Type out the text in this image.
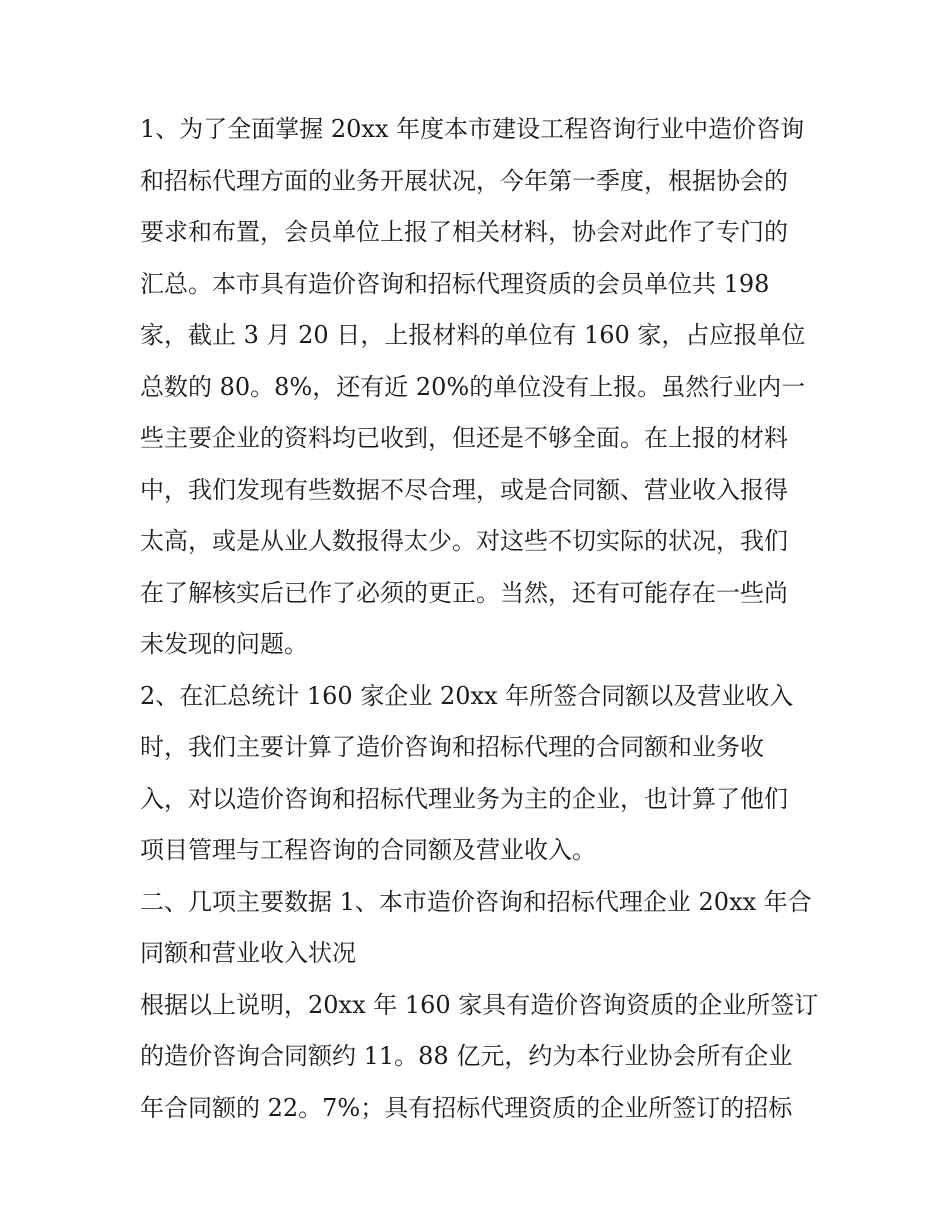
1、为了全面掌握 20xx 年度本市建设工程咨询行业中造价咨询
和招标代理方面的业务开展状况，今年第一季度，根据协会的
要求和布置，会员单位上报了相关材料，协会对此作了专门的
汇总。本市具有造价咨询和招标代理资质的会员单位共 198
家，截止 3 月 20 日，上报材料的单位有 160 家，占应报单位
总数的 80。8%，还有近 20%的单位没有上报。虽然行业内一
些主要企业的资料均已收到，但还是不够全面。在上报的材料
中，我们发现有些数据不尽合理，或是合同额、营业收入报得
太高，或是从业人数报得太少。对这些不切实际的状况，我们
在了解核实后已作了必须的更正。当然，还有可能存在一些尚
未发现的问题。
2、在汇总统计 160 家企业 20xx 年所签合同额以及营业收入
时，我们主要计算了造价咨询和招标代理的合同额和业务收
入，对以造价咨询和招标代理业务为主的企业，也计算了他们
项目管理与工程咨询的合同额及营业收入。
二、几项主要数据 1、本市造价咨询和招标代理企业 20xx 年合
同额和营业收入状况
根据以上说明，20xx 年 160 家具有造价咨询资质的企业所签订
的造价咨询合同额约 11。88 亿元，约为本行业协会所有企业
年合同额的 22。7%；具有招标代理资质的企业所签订的招标
